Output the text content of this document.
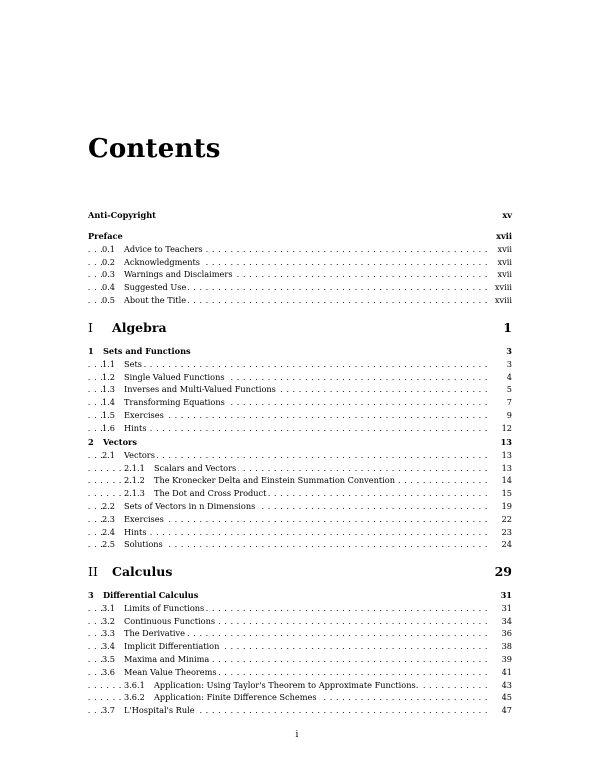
Contents
Anti-Copyright	xv
Preface	xvii
. . . 0.1 Advice to Teachers	xvii
. . . 0.2 Acknowledgments	xvii
. . . 0.3 Warnings and Disclaimers	xvii
. . . 0.4 Suggested Use	xviii
. . . 0.5 About the Title	xviii
I Algebra	1
1 Sets and Functions	3
. . . 1.1 Sets	3
. . . 1.2 Single Valued Functions	4
. . . 1.3 Inverses and Multi-Valued Functions	5
. . . 1.4 Transforming Equations	7
. . . 1.5 Exercises	9
. . . 1.6 Hints	12
2 Vectors	13
. . . 2.1 Vectors	13
. . . 2.1.1 Scalars and Vectors	13
. . . 2.1.2 The Kronecker Delta and Einstein Summation Convention	14
. . . 2.1.3 The Dot and Cross Product	15
. . . 2.2 Sets of Vectors in n Dimensions	19
. . . 2.3 Exercises	22
. . . 2.4 Hints	23
. . . 2.5 Solutions	24
II Calculus	29
3 Differential Calculus	31
. . . 3.1 Limits of Functions	31
. . . 3.2 Continuous Functions	34
. . . 3.3 The Derivative	36
. . . 3.4 Implicit Differentiation	38
. . . 3.5 Maxima and Minima	39
. . . 3.6 Mean Value Theorems	41
. . . 3.6.1 Application: Using Taylor's Theorem to Approximate Functions.	43
. . . 3.6.2 Application: Finite Difference Schemes	45
. . . 3.7 L'Hospital's Rule	47
i
